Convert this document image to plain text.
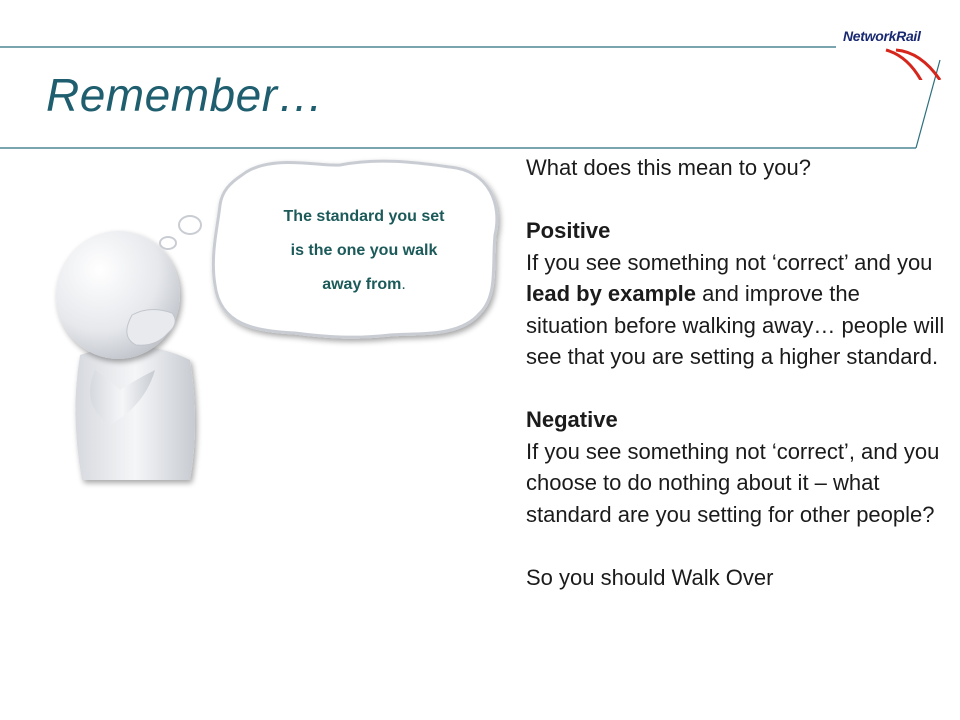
NetworkRail
Remember…
The standard you set
is the one you walk
away from.

What does this mean to you?

Positive

If you see something not ‘correct’ and you lead by example and improve the situation before walking away… people will see that you are setting a higher standard.

Negative

If you see something not ‘correct’, and you choose to do nothing about it – what standard are you setting for other people?

So you should Walk Over
